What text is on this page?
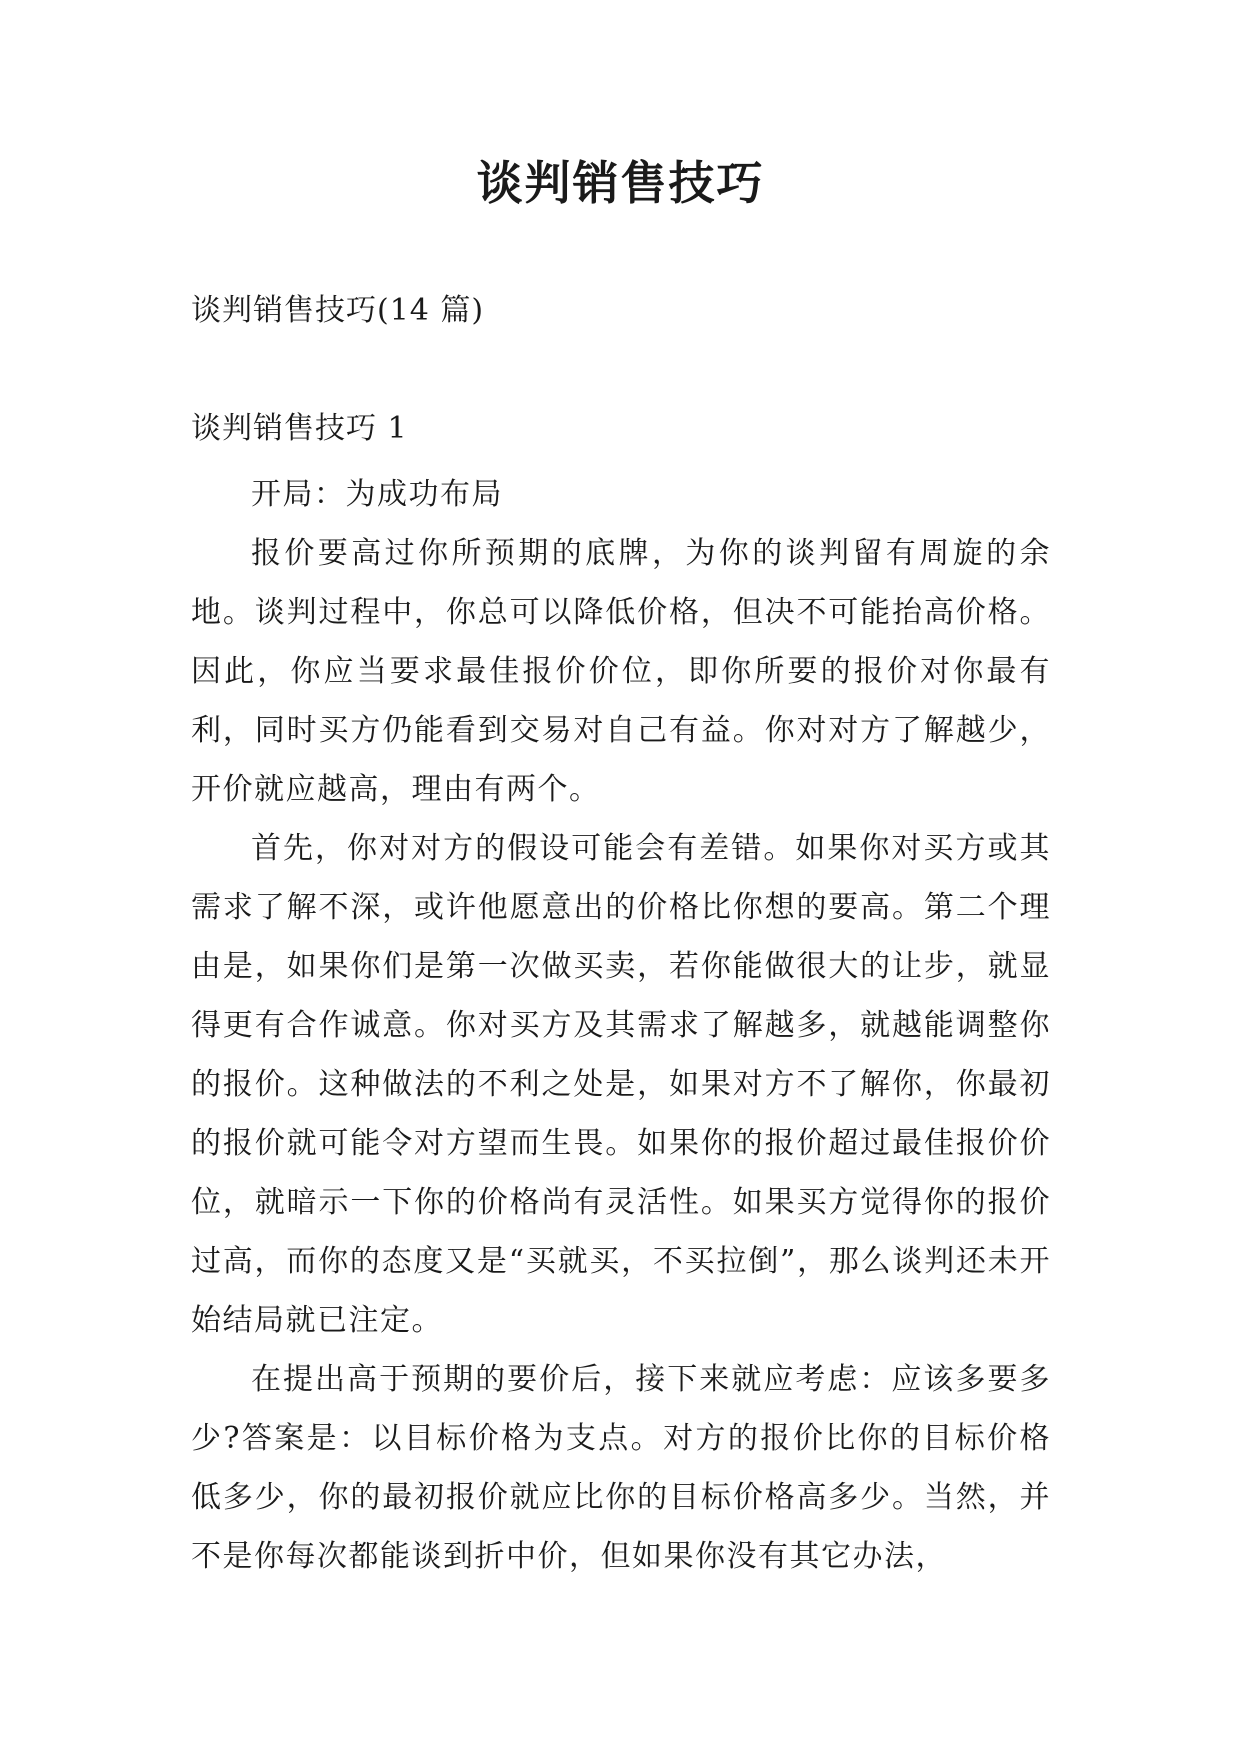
谈判销售技巧

谈判销售技巧(14 篇)

谈判销售技巧 1

开局：为成功布局

报价要高过你所预期的底牌，为你的谈判留有周旋的余地。谈判过程中，你总可以降低价格，但决不可能抬高价格。因此，你应当要求最佳报价价位，即你所要的报价对你最有利，同时买方仍能看到交易对自己有益。你对对方了解越少，开价就应越高，理由有两个。

首先，你对对方的假设可能会有差错。如果你对买方或其需求了解不深，或许他愿意出的价格比你想的要高。第二个理由是，如果你们是第一次做买卖，若你能做很大的让步，就显得更有合作诚意。你对买方及其需求了解越多，就越能调整你的报价。这种做法的不利之处是，如果对方不了解你，你最初的报价就可能令对方望而生畏。如果你的报价超过最佳报价价位，就暗示一下你的价格尚有灵活性。如果买方觉得你的报价过高，而你的态度又是“买就买，不买拉倒”，那么谈判还未开始结局就已注定。

在提出高于预期的要价后，接下来就应考虑：应该多要多少?答案是：以目标价格为支点。对方的报价比你的目标价格低多少，你的最初报价就应比你的目标价格高多少。当然，并不是你每次都能谈到折中价，但如果你没有其它办法，
